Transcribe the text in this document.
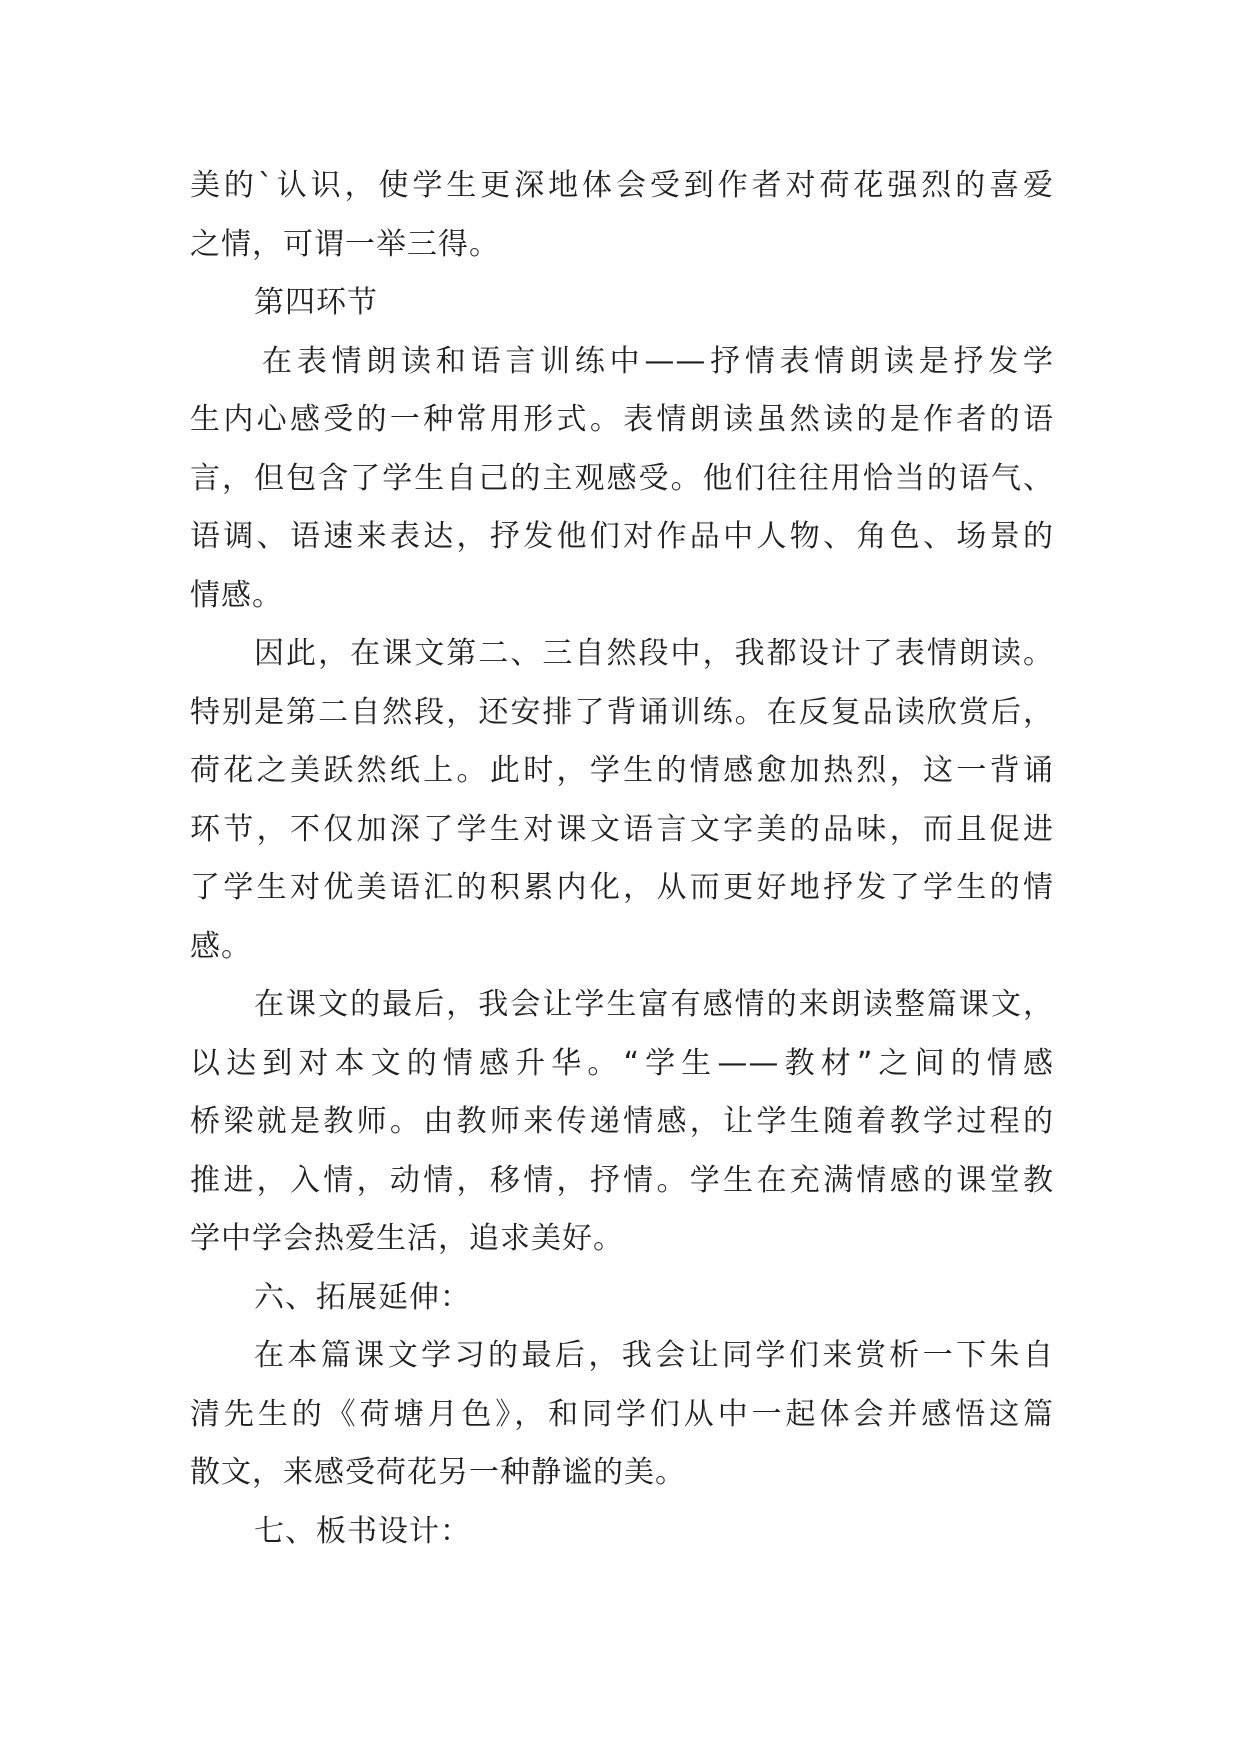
美的`认识，使学生更深地体会受到作者对荷花强烈的喜爱
之情，可谓一举三得。
第四环节
在表情朗读和语言训练中——抒情表情朗读是抒发学
生内心感受的一种常用形式。表情朗读虽然读的是作者的语
言，但包含了学生自己的主观感受。他们往往用恰当的语气、
语调、语速来表达，抒发他们对作品中人物、角色、场景的
情感。
因此，在课文第二、三自然段中，我都设计了表情朗读。
特别是第二自然段，还安排了背诵训练。在反复品读欣赏后，
荷花之美跃然纸上。此时，学生的情感愈加热烈，这一背诵
环节，不仅加深了学生对课文语言文字美的品味，而且促进
了学生对优美语汇的积累内化，从而更好地抒发了学生的情
感。
在课文的最后，我会让学生富有感情的来朗读整篇课文，
以达到对本文的情感升华。“学生——教材”之间的情感
桥梁就是教师。由教师来传递情感，让学生随着教学过程的
推进，入情，动情，移情，抒情。学生在充满情感的课堂教
学中学会热爱生活，追求美好。
六、拓展延伸：
在本篇课文学习的最后，我会让同学们来赏析一下朱自
清先生的《荷塘月色》，和同学们从中一起体会并感悟这篇
散文，来感受荷花另一种静谧的美。
七、板书设计：
